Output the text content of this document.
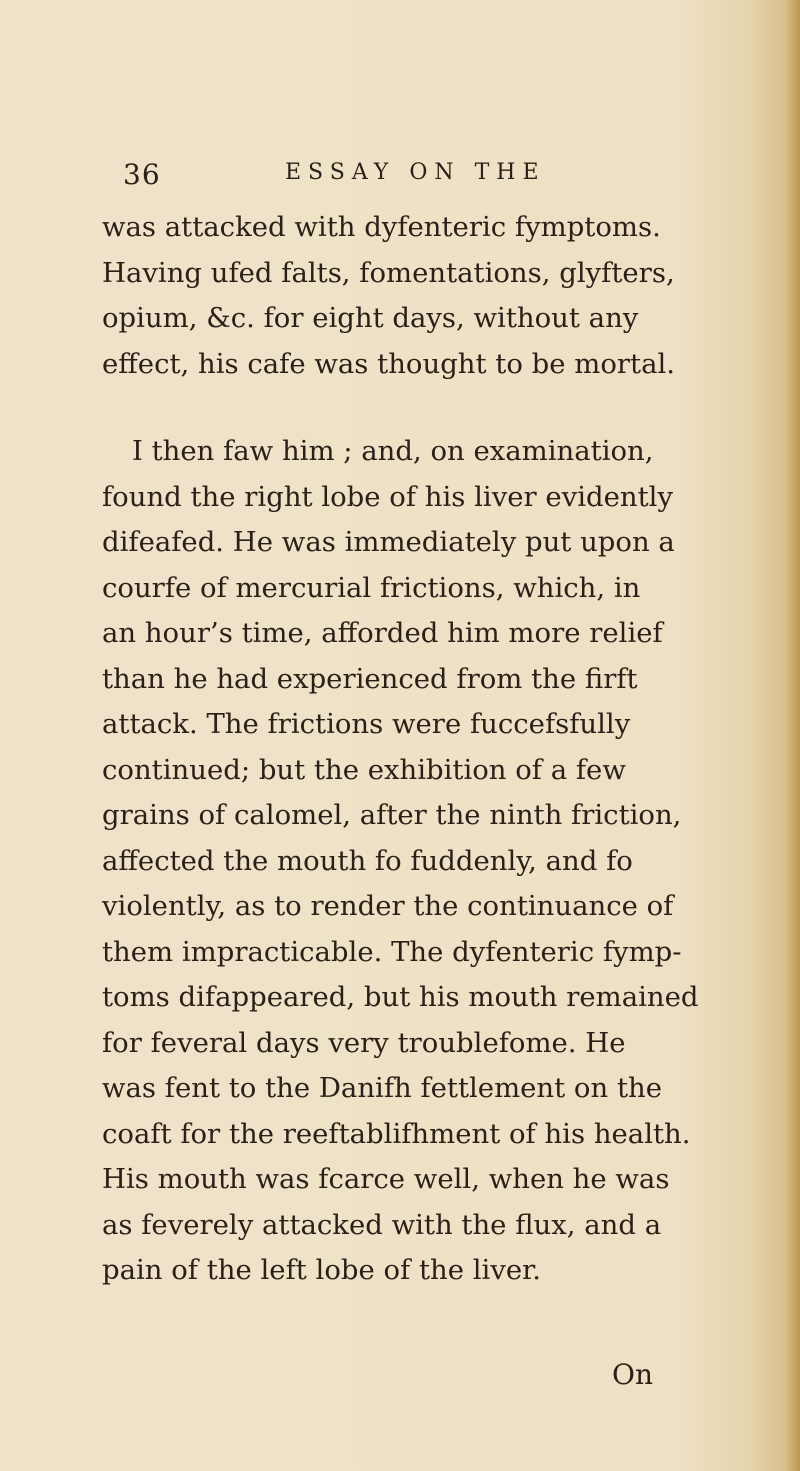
36	ESSAY ON THE
was attacked with dyfenteric fymptoms.
Having ufed falts, fomentations, glyfters,
opium, &c. for eight days, without any
effect, his cafe was thought to be mortal.
I then faw him ; and, on examination,
found the right lobe of his liver evidently
difeafed. He was immediately put upon a
courfe of mercurial frictions, which, in
an hour’s time, afforded him more relief
than he had experienced from the firft
attack. The frictions were fuccefsfully
continued; but the exhibition of a few
grains of calomel, after the ninth friction,
affected the mouth fo fuddenly, and fo
violently, as to render the continuance of
them impracticable. The dyfenteric fymp-
toms difappeared, but his mouth remained
for feveral days very troublefome. He
was fent to the Danifh fettlement on the
coaft for the reeftablifhment of his health.
His mouth was fcarce well, when he was
as feverely attacked with the flux, and a
pain of the left lobe of the liver.
On
